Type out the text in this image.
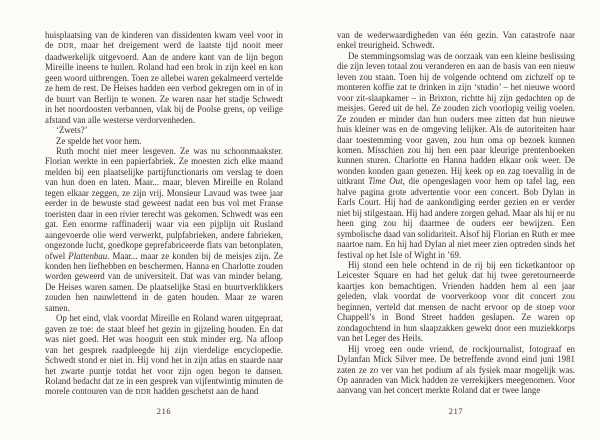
huisplaatsing van de kinderen van dissidenten kwam veel voor in de DDR, maar het dreigement werd de laatste tijd nooit meer daadwerkelijk uitgevoerd. Aan de andere kant van de lijn begon Mireille ineens te huilen. Roland had een brok in zijn keel en kon geen woord uitbrengen. Toen ze allebei waren gekalmeerd vertelde ze hem de rest. De Heises hadden een verbod gekregen om in of in de buurt van Berlijn te wonen. Ze waren naar het stadje Schwedt in het noordoosten verbannen, vlak bij de Poolse grens, op veilige afstand van alle westerse verdorvenheden.

‘Zwets?’

Ze spelde het voor hem.

Ruth mocht niet meer lesgeven. Ze was nu schoonmaakster. Florian werkte in een papierfabriek. Ze moesten zich elke maand melden bij een plaatselijke partijfunctionaris om verslag te doen van hun doen en laten. Maar... maar, bleven Mireille en Roland tegen elkaar zeggen, ze zijn vrij. Monsieur Lavaud was twee jaar eerder in de bewuste stad geweest nadat een bus vol met Franse toeristen daar in een rivier terecht was gekomen. Schwedt was een gat. Een enorme raffinaderij waar via een pijplijn uit Rusland aangevoerde olie werd verwerkt, pulpfabrieken, andere fabrieken, ongezonde lucht, goedkope geprefabriceerde flats van betonplaten, ofwel Plattenbau. Maar... maar ze konden bij de meisjes zijn. Ze konden hen liefhebben en beschermen. Hanna en Charlotte zouden worden geweerd van de universiteit. Dat was van minder belang. De Heises waren samen. De plaatselijke Stasi en buurtverklikkers zouden hen nauwlettend in de gaten houden. Maar ze waren samen.

Op het eind, vlak voordat Mireille en Roland waren uitgepraat, gaven ze toe: de staat bleef het gezin in gijzeling houden. En dat was niet goed. Het was hooguit een stuk minder erg. Na afloop van het gesprek raadpleegde hij zijn vierdelige encyclopedie. Schwedt stond er niet in. Hij vond het in zijn atlas en staarde naar het zwarte puntje totdat het voor zijn ogen begon te dansen. Roland bedacht dat ze in een gesprek van vijfentwintig minuten de morele contouren van de DDR hadden geschetst aan de hand

216

van de wederwaardigheden van één gezin. Van catastrofe naar enkel treurigheid. Schwedt.

De stemmingsomslag was de oorzaak van een kleine beslissing die zijn leven totaal zou veranderen en aan de basis van een nieuw leven zou staan. Toen hij de volgende ochtend om zichzelf op te monteren koffie zat te drinken in zijn ‘studio’ – het nieuwe woord voor zit-slaapkamer – in Brixton, richtte hij zijn gedachten op de meisjes. Gered uit de hel. Ze zouden zich voorlopig veilig voelen. Ze zouden er minder dan hun ouders mee zitten dat hun nieuwe huis kleiner was en de omgeving lelijker. Als de autoriteiten haar daar toestemming voor gaven, zou hun oma op bezoek kunnen komen. Misschien zou hij hen een paar kleurige prentenboeken kunnen sturen. Charlotte en Hanna hadden elkaar ook weer. De wonden konden gaan genezen. Hij keek op en zag toevallig in de uitkrant Time Out, die opengeslagen voor hem op tafel lag, een halve pagina grote advertentie voor een concert. Bob Dylan in Earls Court. Hij had de aankondiging eerder gezien en er verder niet bij stilgestaan. Hij had andere zorgen gehad. Maar als hij er nu heen ging zou hij daarmee de ouders eer bewijzen. Een symbolische daad van solidariteit. Alsof hij Florian en Ruth er mee naartoe nam. En hij had Dylan al niet meer zien optreden sinds het festival op het Isle of Wight in ’69.

Hij stond een hele ochtend in de rij bij een ticketkantoor op Leicester Square en had het geluk dat hij twee geretourneerde kaartjes kon bemachtigen. Vrienden hadden hem al een jaar geleden, vlak voordat de voorverkoop voor dit concert zou beginnen, verteld dat mensen de nacht ervoor op de stoep voor Chappell’s in Bond Street hadden geslapen. Ze waren op zondagochtend in hun slaapzakken gewekt door een muziekkorps van het Leger des Heils.

Hij vroeg een oude vriend, de rockjournalist, fotograaf en Dylanfan Mick Silver mee. De betreffende avond eind juni 1981 zaten ze zo ver van het podium af als fysiek maar mogelijk was. Op aanraden van Mick hadden ze verrekijkers meegenomen. Voor aanvang van het concert merkte Roland dat er twee lange

217
